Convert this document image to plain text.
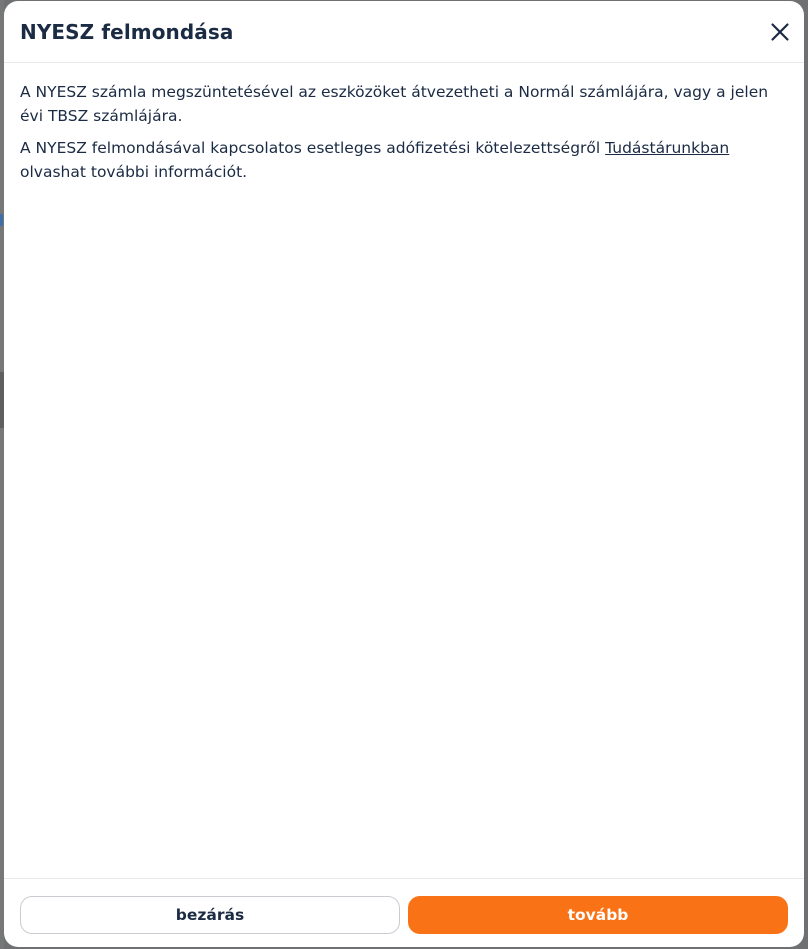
NYESZ felmondása

A NYESZ számla megszüntetésével az eszközöket átvezetheti a Normál számlájára, vagy a jelen évi TBSZ számlájára.

A NYESZ felmondásával kapcsolatos esetleges adófizetési kötelezettségről Tudástárunkban olvashat további információt.

bezárás	tovább
